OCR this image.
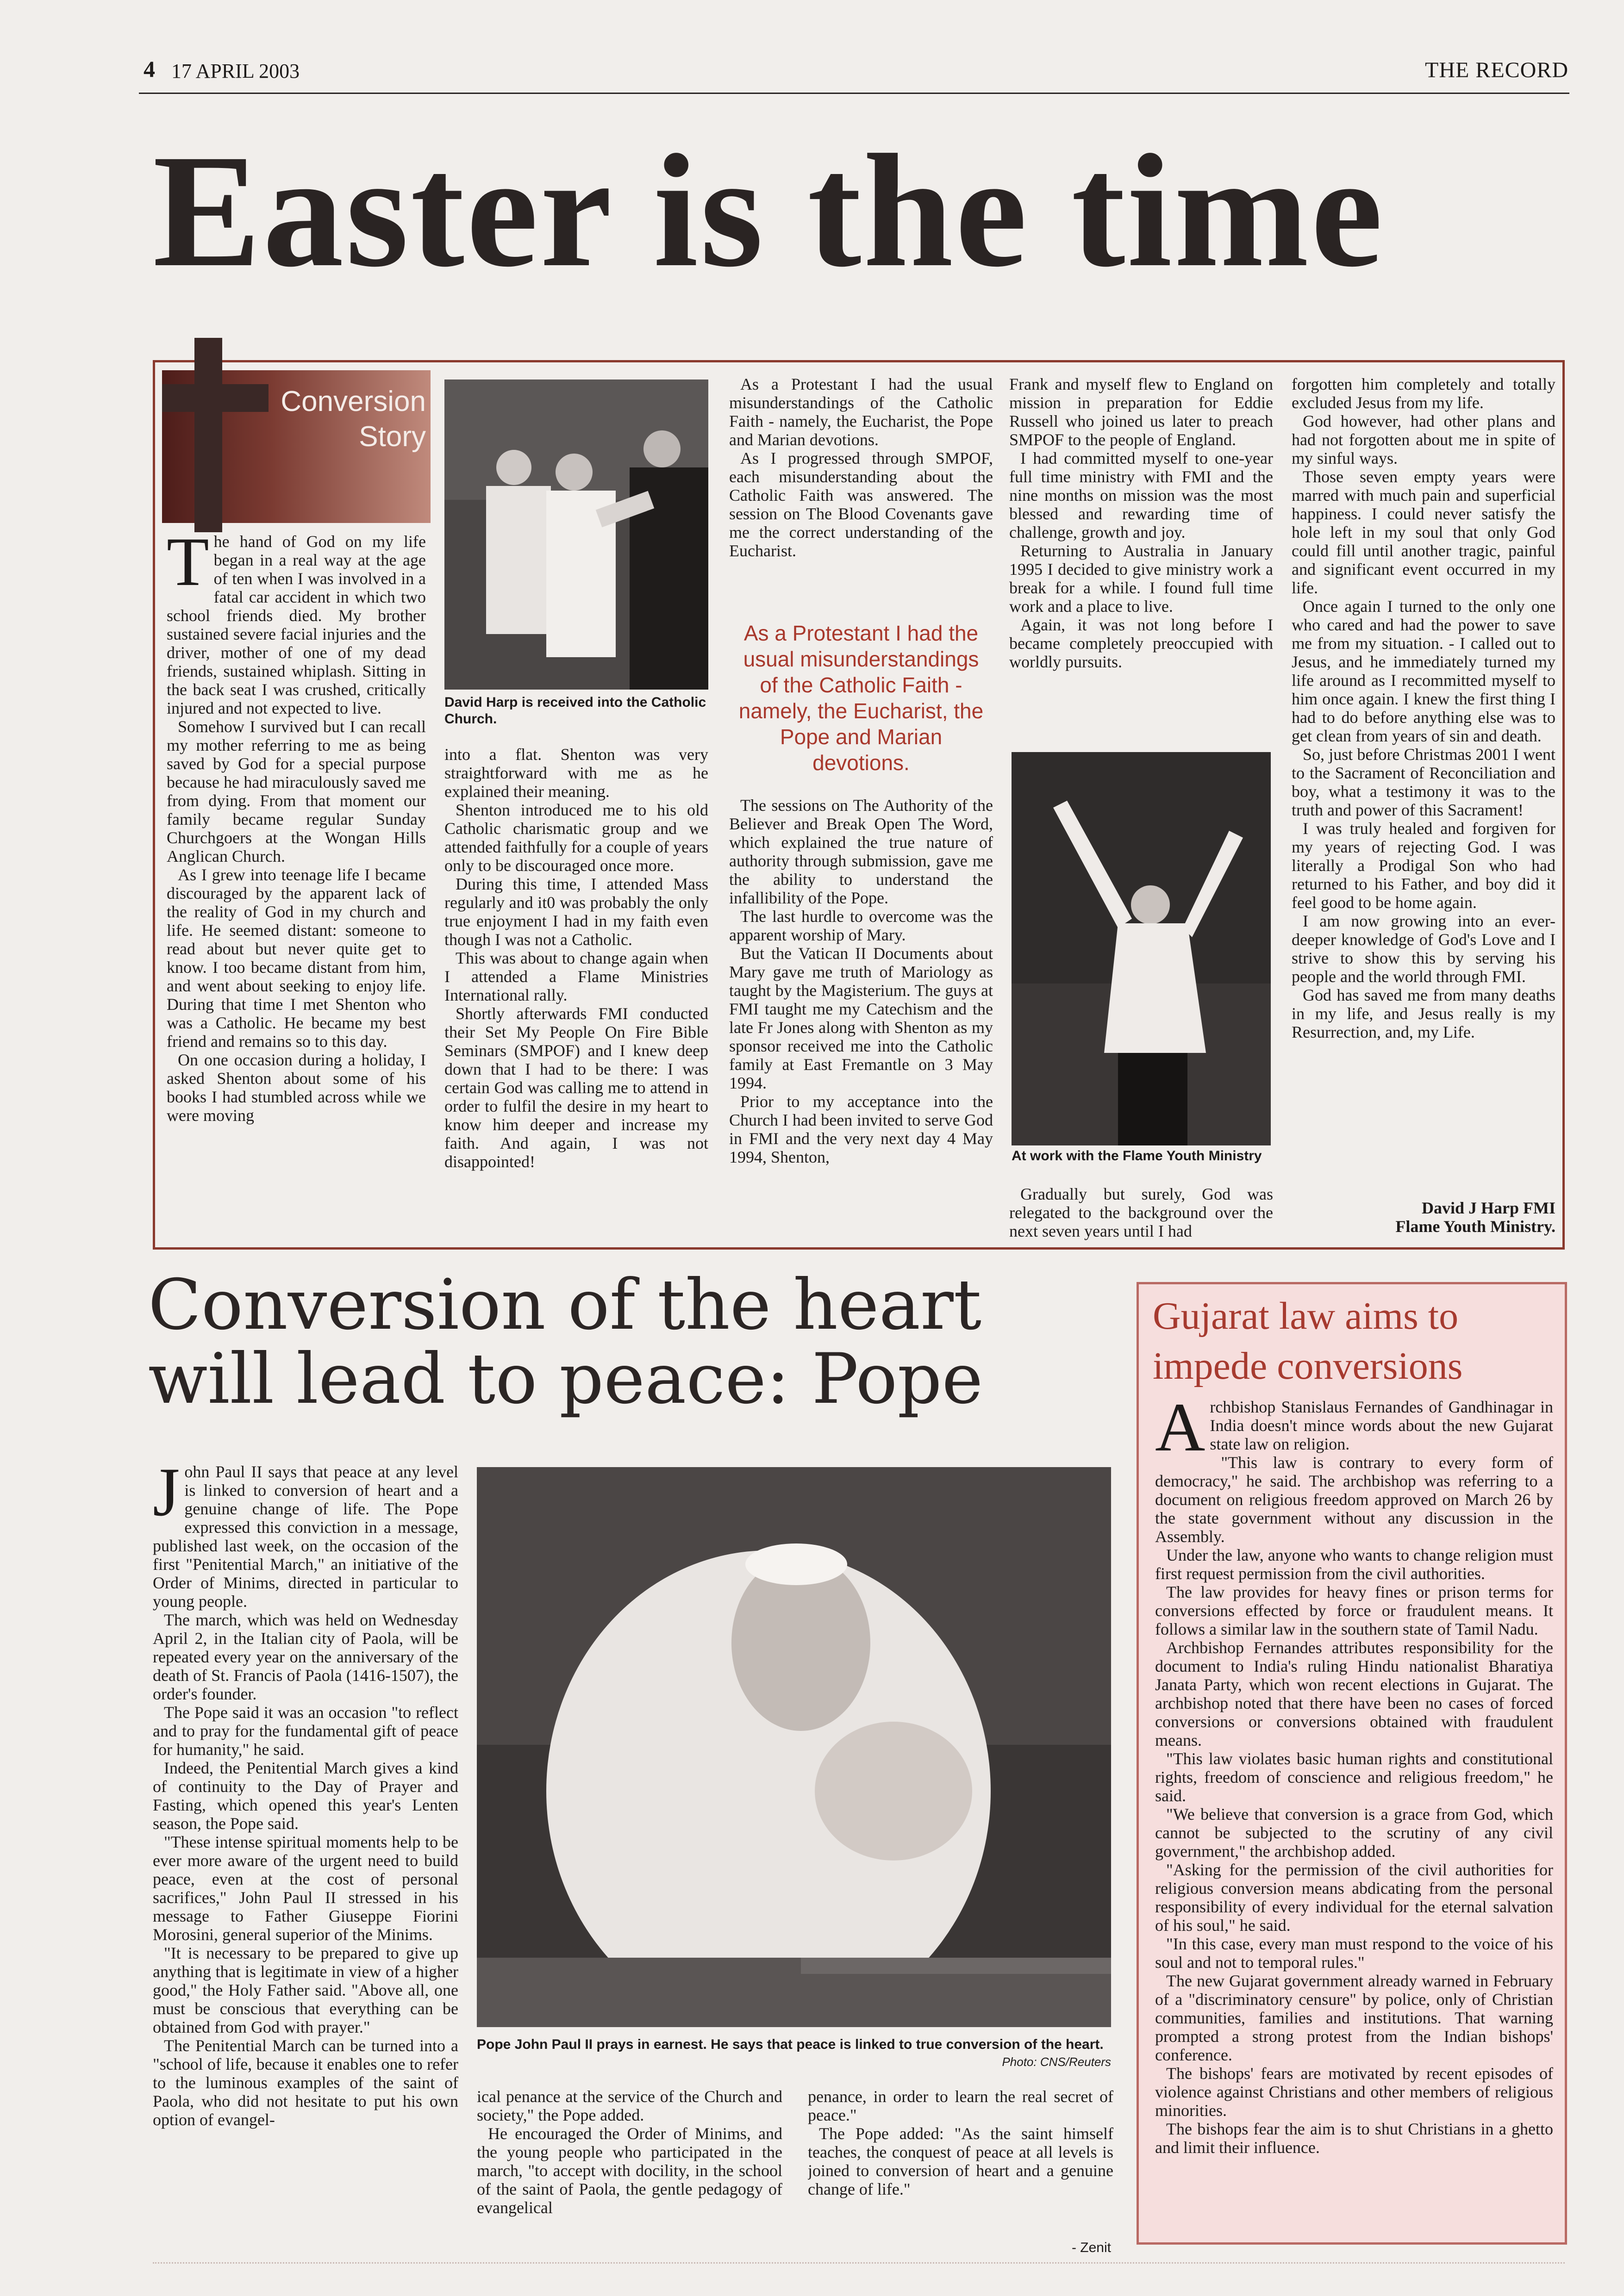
4 17 APRIL 2003	THE RECORD
Easter is the time
Conversion
Story

The hand of God on my life began in a real way at the age of ten when I was involved in a fatal car accident in which two school friends died. My brother sustained severe facial injuries and the driver, mother of one of my dead friends, sustained whiplash. Sitting in the back seat I was crushed, critically injured and not expected to live.

Somehow I survived but I can recall my mother referring to me as being saved by God for a special purpose because he had miraculously saved me from dying. From that moment our family became regular Sunday Churchgoers at the Wongan Hills Anglican Church.

As I grew into teenage life I became discouraged by the apparent lack of the reality of God in my church and life. He seemed distant: someone to read about but never quite get to know. I too became distant from him, and went about seeking to enjoy life. During that time I met Shenton who was a Catholic. He became my best friend and remains so to this day.

On one occasion during a holiday, I asked Shenton about some of his books I had stumbled across while we were moving

David Harp is received into the Catholic Church.

into a flat. Shenton was very straightforward with me as he explained their meaning.

Shenton introduced me to his old Catholic charismatic group and we attended faithfully for a couple of years only to be discouraged once more.

During this time, I attended Mass regularly and it0 was probably the only true enjoyment I had in my faith even though I was not a Catholic.

This was about to change again when I attended a Flame Ministries International rally.

Shortly afterwards FMI conducted their Set My People On Fire Bible Seminars (SMPOF) and I knew deep down that I had to be there: I was certain God was calling me to attend in order to fulfil the desire in my heart to know him deeper and increase my faith. And again, I was not disappointed!

As a Protestant I had the usual misunderstandings of the Catholic Faith - namely, the Eucharist, the Pope and Marian devotions.

As I progressed through SMPOF, each misunderstanding about the Catholic Faith was answered. The session on The Blood Covenants gave me the correct understanding of the Eucharist.

As a Protestant I had the usual misunderstandings of the Catholic Faith - namely, the Eucharist, the Pope and Marian devotions.

The sessions on The Authority of the Believer and Break Open The Word, which explained the true nature of authority through submission, gave me the ability to understand the infallibility of the Pope.

The last hurdle to overcome was the apparent worship of Mary.

But the Vatican II Documents about Mary gave me truth of Mariology as taught by the Magisterium. The guys at FMI taught me my Catechism and the late Fr Jones along with Shenton as my sponsor received me into the Catholic family at East Fremantle on 3 May 1994.

Prior to my acceptance into the Church I had been invited to serve God in FMI and the very next day 4 May 1994, Shenton,

Frank and myself flew to England on mission in preparation for Eddie Russell who joined us later to preach SMPOF to the people of England.

I had committed myself to one-year full time ministry with FMI and the nine months on mission was the most blessed and rewarding time of challenge, growth and joy.

Returning to Australia in January 1995 I decided to give ministry work a break for a while. I found full time work and a place to live.

Again, it was not long before I became completely preoccupied with worldly pursuits.

At work with the Flame Youth Ministry

Gradually but surely, God was relegated to the background over the next seven years until I had

forgotten him completely and totally excluded Jesus from my life.

God however, had other plans and had not forgotten about me in spite of my sinful ways.

Those seven empty years were marred with much pain and superficial happiness. I could never satisfy the hole left in my soul that only God could fill until another tragic, painful and significant event occurred in my life.

Once again I turned to the only one who cared and had the power to save me from my situation. - I called out to Jesus, and he immediately turned my life around as I recommitted myself to him once again. I knew the first thing I had to do before anything else was to get clean from years of sin and death.

So, just before Christmas 2001 I went to the Sacrament of Reconciliation and boy, what a testimony it was to the truth and power of this Sacrament!

I was truly healed and forgiven for my years of rejecting God. I was literally a Prodigal Son who had returned to his Father, and boy did it feel good to be home again.

I am now growing into an ever-deeper knowledge of God's Love and I strive to show this by serving his people and the world through FMI.

God has saved me from many deaths in my life, and Jesus really is my Resurrection, and, my Life.

David J Harp FMI
Flame Youth Ministry.
Conversion of the heart will lead to peace: Pope

John Paul II says that peace at any level is linked to conversion of heart and a genuine change of life. The Pope expressed this conviction in a message, published last week, on the occasion of the first "Penitential March," an initiative of the Order of Minims, directed in particular to young people.

The march, which was held on Wednesday April 2, in the Italian city of Paola, will be repeated every year on the anniversary of the death of St. Francis of Paola (1416-1507), the order's founder.

The Pope said it was an occasion "to reflect and to pray for the fundamental gift of peace for humanity," he said.

Indeed, the Penitential March gives a kind of continuity to the Day of Prayer and Fasting, which opened this year's Lenten season, the Pope said.

"These intense spiritual moments help to be ever more aware of the urgent need to build peace, even at the cost of personal sacrifices," John Paul II stressed in his message to Father Giuseppe Fiorini Morosini, general superior of the Minims.

"It is necessary to be prepared to give up anything that is legitimate in view of a higher good," the Holy Father said. "Above all, one must be conscious that everything can be obtained from God with prayer."

The Penitential March can be turned into a "school of life, because it enables one to refer to the luminous examples of the saint of Paola, who did not hesitate to put his own option of evangel-

Pope John Paul II prays in earnest. He says that peace is linked to true conversion of the heart.
Photo: CNS/Reuters

ical penance at the service of the Church and society," the Pope added.

He encouraged the Order of Minims, and the young people who participated in the march, "to accept with docility, in the school of the saint of Paola, the gentle pedagogy of evangelical

penance, in order to learn the real secret of peace."

The Pope added: "As the saint himself teaches, the conquest of peace at all levels is joined to conversion of heart and a genuine change of life."

- Zenit
Gujarat law aims to impede conversions

Archbishop Stanislaus Fernandes of Gandhinagar in India doesn't mince words about the new Gujarat state law on religion.

"This law is contrary to every form of democracy," he said. The archbishop was referring to a document on religious freedom approved on March 26 by the state government without any discussion in the Assembly.

Under the law, anyone who wants to change religion must first request permission from the civil authorities.

The law provides for heavy fines or prison terms for conversions effected by force or fraudulent means. It follows a similar law in the southern state of Tamil Nadu.

Archbishop Fernandes attributes responsibility for the document to India's ruling Hindu nationalist Bharatiya Janata Party, which won recent elections in Gujarat. The archbishop noted that there have been no cases of forced conversions or conversions obtained with fraudulent means.

"This law violates basic human rights and constitutional rights, freedom of conscience and religious freedom," he said.

"We believe that conversion is a grace from God, which cannot be subjected to the scrutiny of any civil government," the archbishop added.

"Asking for the permission of the civil authorities for religious conversion means abdicating from the personal responsibility of every individual for the eternal salvation of his soul," he said.

"In this case, every man must respond to the voice of his soul and not to temporal rules."

The new Gujarat government already warned in February of a "discriminatory censure" by police, only of Christian communities, families and institutions. That warning prompted a strong protest from the Indian bishops' conference.

The bishops' fears are motivated by recent episodes of violence against Christians and other members of religious minorities.

The bishops fear the aim is to shut Christians in a ghetto and limit their influence.
